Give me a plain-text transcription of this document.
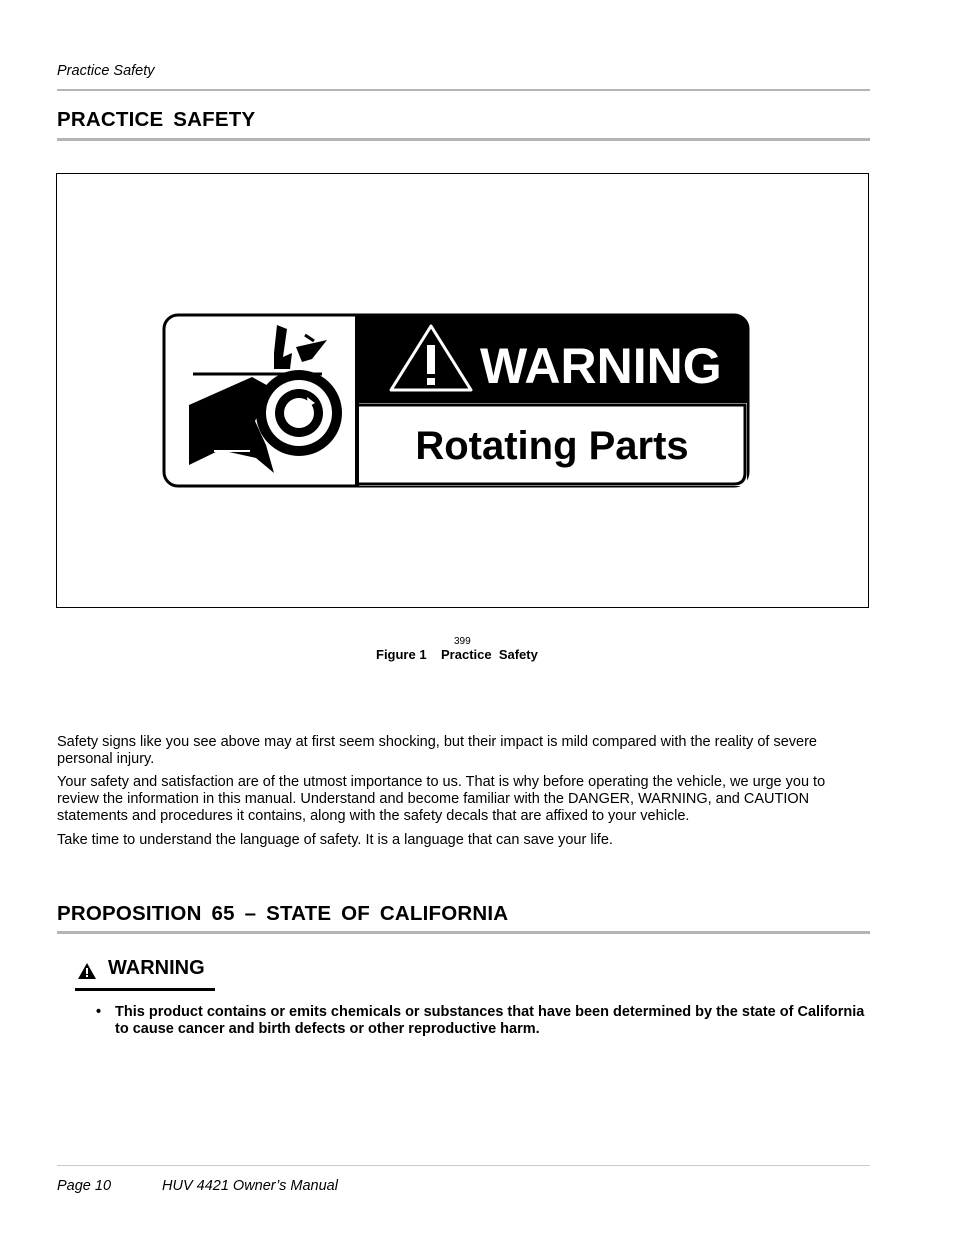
Practice Safety
PRACTICE SAFETY
WARNING
Rotating Parts
399
Figure 1    Practice  Safety
Safety signs like you see above may at first seem shocking, but their impact is mild compared with the reality of severe personal injury.
Your safety and satisfaction are of the utmost importance to us. That is why before operating the vehicle, we urge you to review the information in this manual. Understand and become familiar with the DANGER, WARNING, and CAUTION statements and procedures it contains, along with the safety decals that are affixed to your vehicle.
Take time to understand the language of safety. It is a language that can save your life.
PROPOSITION 65 – STATE OF CALIFORNIA
WARNING
• This product contains or emits chemicals or substances that have been determined by the state of California to cause cancer and birth defects or other reproductive harm.
Page 10	HUV 4421 Owner’s Manual
